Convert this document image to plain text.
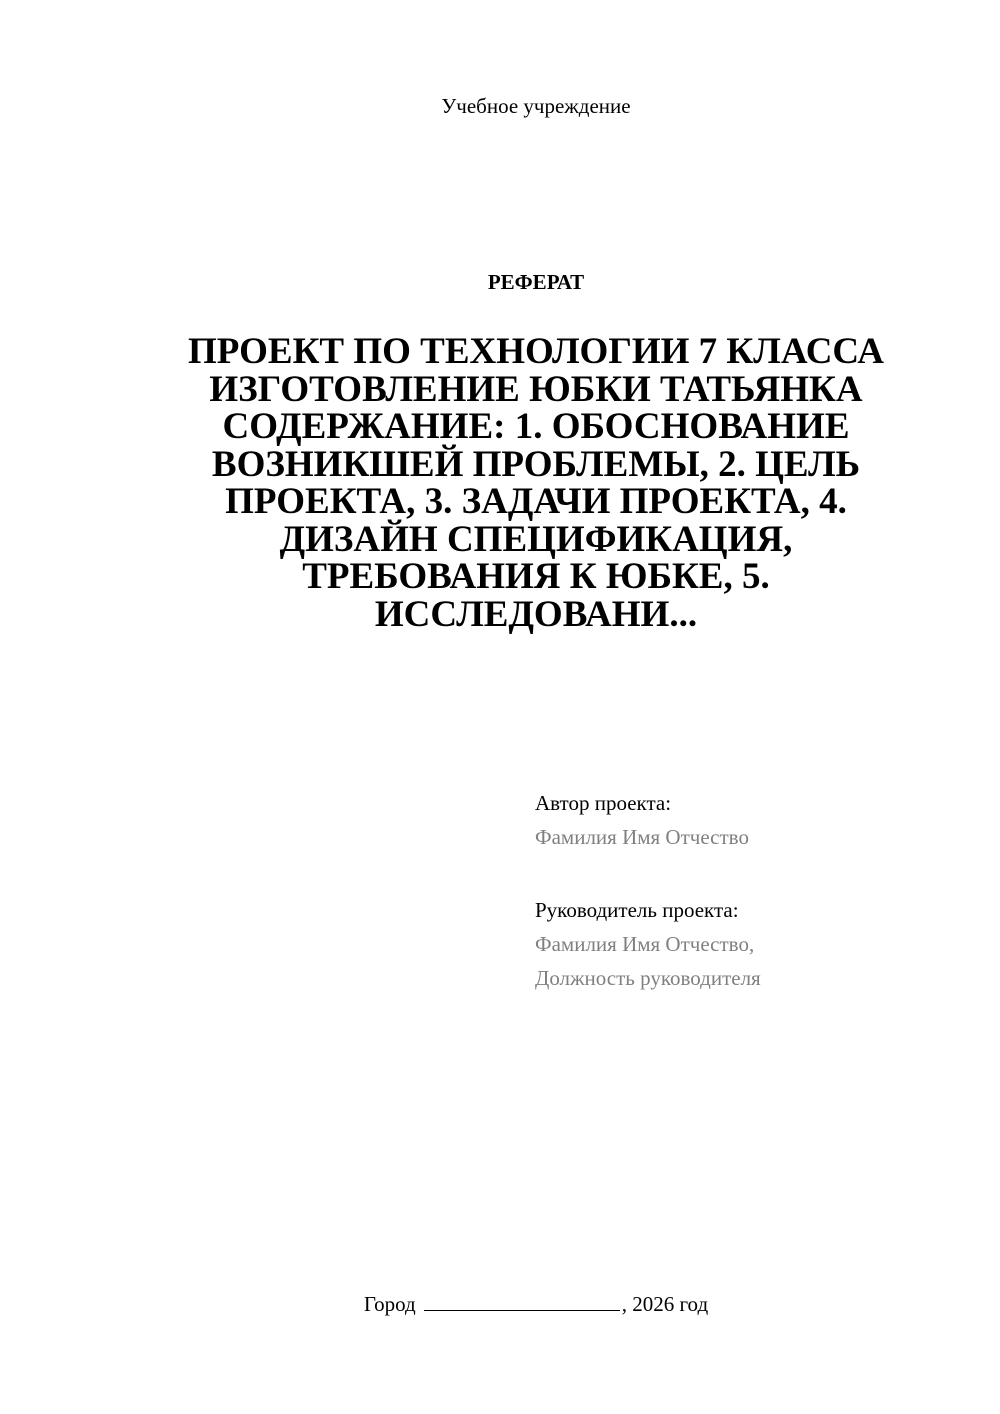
Учебное учреждение
РЕФЕРАТ
ПРОЕКТ ПО ТЕХНОЛОГИИ 7 КЛАССА
ИЗГОТОВЛЕНИЕ ЮБКИ ТАТЬЯНКА
СОДЕРЖАНИЕ: 1. ОБОСНОВАНИЕ
ВОЗНИКШЕЙ ПРОБЛЕМЫ, 2. ЦЕЛЬ
ПРОЕКТА, 3. ЗАДАЧИ ПРОЕКТА, 4.
ДИЗАЙН СПЕЦИФИКАЦИЯ,
ТРЕБОВАНИЯ К ЮБКЕ, 5.
ИССЛЕДОВАНИ...
Автор проекта:
Фамилия Имя Отчество
Руководитель проекта:
Фамилия Имя Отчество,
Должность руководителя
Город	, 2026 год
